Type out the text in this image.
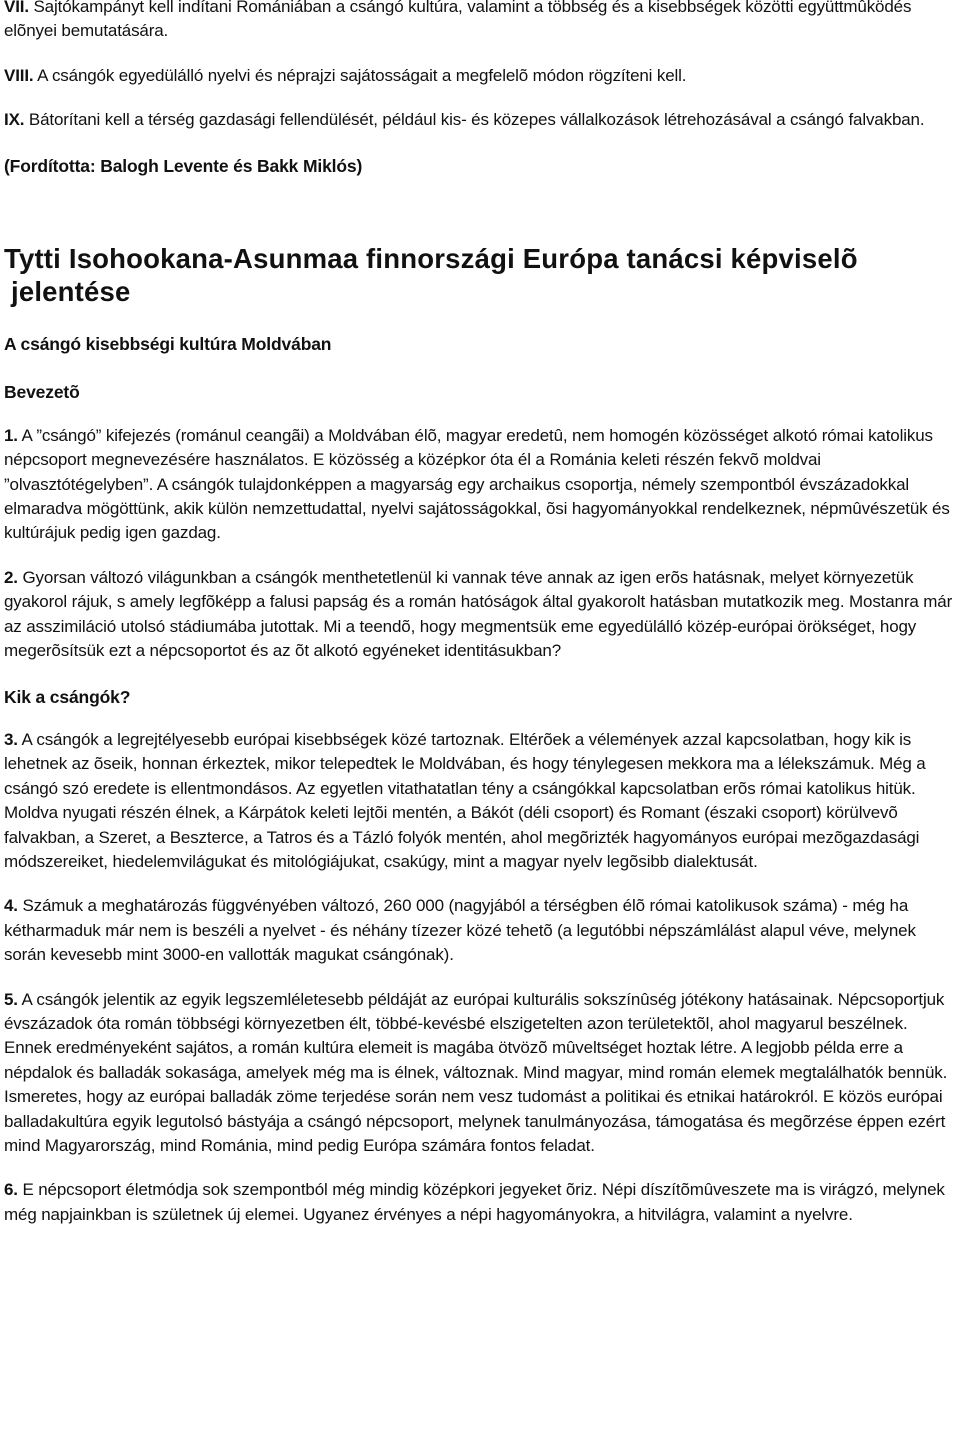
VII. Sajtókampányt kell indítani Romániában a csángó kultúra, valamint a többség és a kisebbségek közötti együttmûködés elõnyei bemutatására.

VIII. A csángók egyedülálló nyelvi és néprajzi sajátosságait a megfelelõ módon rögzíteni kell.

IX. Bátorítani kell a térség gazdasági fellendülését, például kis- és közepes vállalkozások létrehozásával a csángó falvakban.

(Fordította: Balogh Levente és Bakk Miklós)

Tytti Isohookana-Asunmaa finnországi Európa tanácsi képviselõ
jelentése

A csángó kisebbségi kultúra Moldvában

Bevezetõ

1. A ”csángó” kifejezés (románul ceangãi) a Moldvában élõ, magyar eredetû, nem homogén közösséget alkotó római katolikus népcsoport megnevezésére használatos. E közösség a középkor óta él a Románia keleti részén fekvõ moldvai ”olvasztótégelyben”. A csángók tulajdonképpen a magyarság egy archaikus csoportja, némely szempontból évszázadokkal elmaradva mögöttünk, akik külön nemzettudattal, nyelvi sajátosságokkal, õsi hagyományokkal rendelkeznek, népmûvészetük és kultúrájuk pedig igen gazdag.

2. Gyorsan változó világunkban a csángók menthetetlenül ki vannak téve annak az igen erõs hatásnak, melyet környezetük gyakorol rájuk, s amely legfõképp a falusi papság és a román hatóságok által gyakorolt hatásban mutatkozik meg. Mostanra már az asszimiláció utolsó stádiumába jutottak. Mi a teendõ, hogy megmentsük eme egyedülálló közép-európai örökséget, hogy megerõsítsük ezt a népcsoportot és az õt alkotó egyéneket identitásukban?

Kik a csángók?

3. A csángók a legrejtélyesebb európai kisebbségek közé tartoznak. Eltérõek a vélemények azzal kapcsolatban, hogy kik is lehetnek az õseik, honnan érkeztek, mikor telepedtek le Moldvában, és hogy ténylegesen mekkora ma a lélekszámuk. Még a csángó szó eredete is ellentmondásos. Az egyetlen vitathatatlan tény a csángókkal kapcsolatban erõs római katolikus hitük. Moldva nyugati részén élnek, a Kárpátok keleti lejtõi mentén, a Bákót (déli csoport) és Romant (északi csoport) körülvevõ falvakban, a Szeret, a Beszterce, a Tatros és a Tázló folyók mentén, ahol megõrizték hagyományos európai mezõgazdasági módszereiket, hiedelemvilágukat és mitológiájukat, csakúgy, mint a magyar nyelv legõsibb dialektusát.

4. Számuk a meghatározás függvényében változó, 260 000 (nagyjából a térségben élõ római katolikusok száma) - még ha kétharmaduk már nem is beszéli a nyelvet - és néhány tízezer közé tehetõ (a legutóbbi népszámlálást alapul véve, melynek során kevesebb mint 3000-en vallották magukat csángónak).

5. A csángók jelentik az egyik legszemléletesebb példáját az európai kulturális sokszínûség jótékony hatásainak. Népcsoportjuk évszázadok óta román többségi környezetben élt, többé-kevésbé elszigetelten azon területektõl, ahol magyarul beszélnek. Ennek eredményeként sajátos, a román kultúra elemeit is magába ötvözõ mûveltséget hoztak létre. A legjobb példa erre a népdalok és balladák sokasága, amelyek még ma is élnek, változnak. Mind magyar, mind román elemek megtalálhatók bennük. Ismeretes, hogy az európai balladák zöme terjedése során nem vesz tudomást a politikai és etnikai határokról. E közös európai balladakultúra egyik legutolsó bástyája a csángó népcsoport, melynek tanulmányozása, támogatása és megõrzése éppen ezért mind Magyarország, mind Románia, mind pedig Európa számára fontos feladat.

6. E népcsoport életmódja sok szempontból még mindig középkori jegyeket õriz. Népi díszítõmûveszete ma is virágzó, melynek még napjainkban is születnek új elemei. Ugyanez érvényes a népi hagyományokra, a hitvilágra, valamint a nyelvre.
